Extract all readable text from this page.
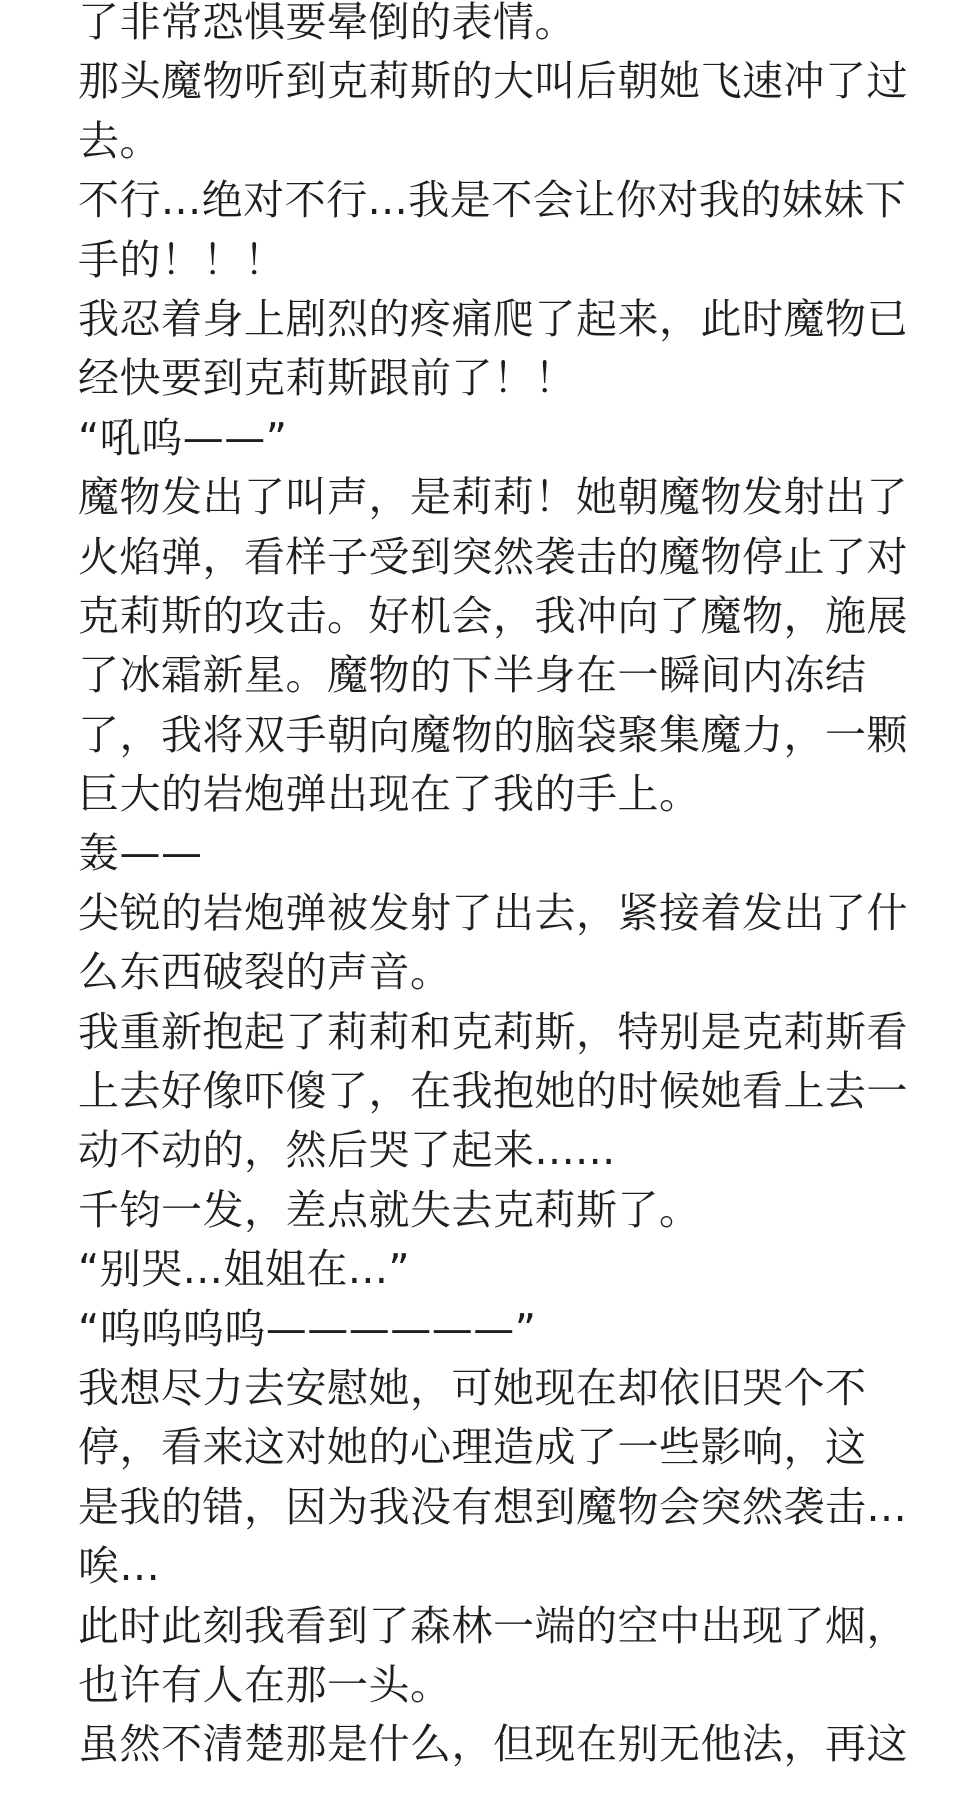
了非常恐惧要晕倒的表情。
那头魔物听到克莉斯的大叫后朝她飞速冲了过
去。
不行...绝对不行...我是不会让你对我的妹妹下
手的！！！
我忍着身上剧烈的疼痛爬了起来，此时魔物已
经快要到克莉斯跟前了！！
“吼呜——”
魔物发出了叫声，是莉莉！她朝魔物发射出了
火焰弹，看样子受到突然袭击的魔物停止了对
克莉斯的攻击。好机会，我冲向了魔物，施展
了冰霜新星。魔物的下半身在一瞬间内冻结
了，我将双手朝向魔物的脑袋聚集魔力，一颗
巨大的岩炮弹出现在了我的手上。
轰——
尖锐的岩炮弹被发射了出去，紧接着发出了什
么东西破裂的声音。
我重新抱起了莉莉和克莉斯，特别是克莉斯看
上去好像吓傻了，在我抱她的时候她看上去一
动不动的，然后哭了起来......
千钧一发，差点就失去克莉斯了。
“别哭...姐姐在...”
“呜呜呜呜——————”
我想尽力去安慰她，可她现在却依旧哭个不
停，看来这对她的心理造成了一些影响，这
是我的错，因为我没有想到魔物会突然袭击...
唉...
此时此刻我看到了森林一端的空中出现了烟，
也许有人在那一头。
虽然不清楚那是什么，但现在别无他法，再这
